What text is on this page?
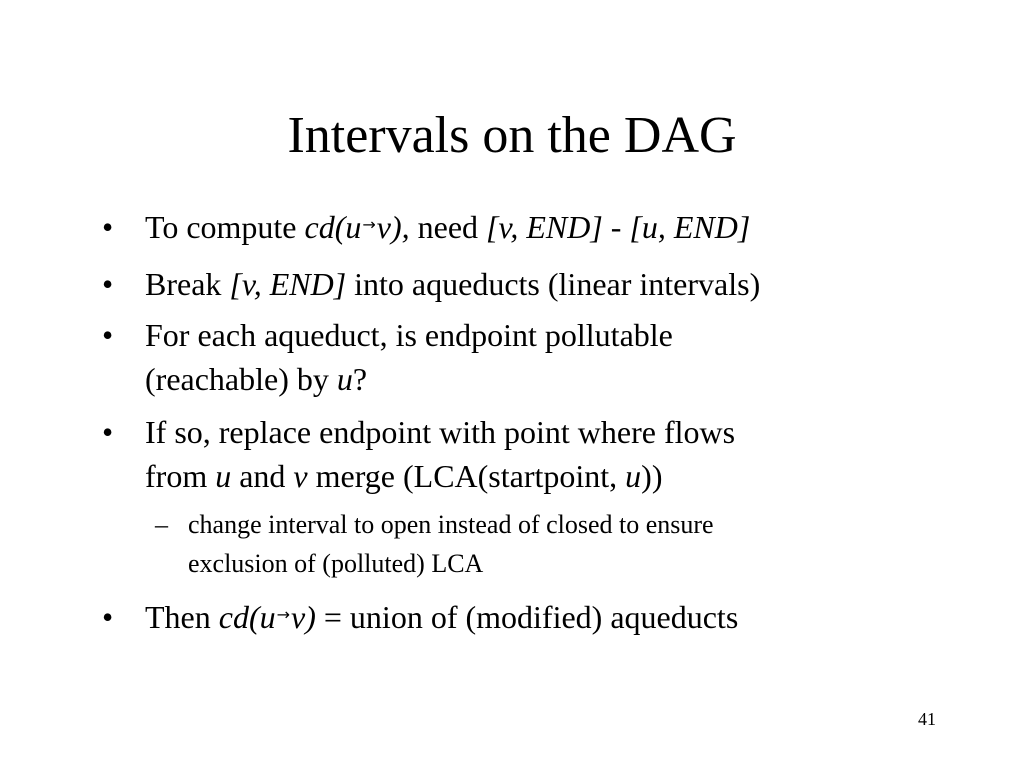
Intervals on the DAG
• To compute cd(u→v), need [v, END] - [u, END]
• Break [v, END] into aqueducts (linear intervals)
• For each aqueduct, is endpoint pollutable
(reachable) by u?
• If so, replace endpoint with point where flows
from u and v merge (LCA(startpoint, u))
– change interval to open instead of closed to ensure
exclusion of (polluted) LCA
• Then cd(u→v) = union of (modified) aqueducts
41
